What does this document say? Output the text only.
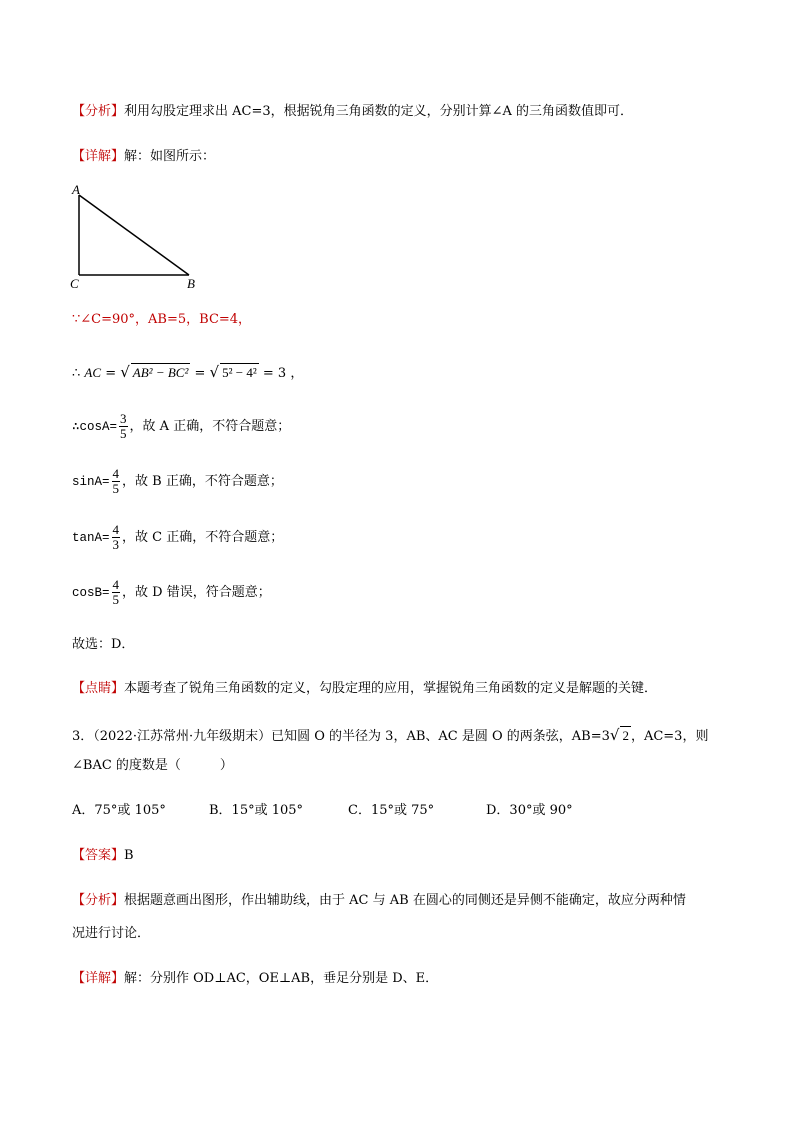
【分析】利用勾股定理求出 AC=3，根据锐角三角函数的定义，分别计算∠A 的三角函数值即可．
【详解】解：如图所示：
A
C	B
∵∠C=90°，AB=5，BC=4，
∴ AC = √ AB² − BC² = √ 5² − 4² = 3 ，
∴cosA= $\frac{3}{5}$ ，故 A 正确，不符合题意；
$\sin A= \frac{4}{5}$ ，故 B 正确，不符合题意；
$\tan A= \frac{4}{3}$ ，故 C 正确，不符合题意；
$\cos B= \frac{4}{5}$ ，故 D 错误，符合题意；
故选：D．
【点睛】本题考查了锐角三角函数的定义，勾股定理的应用，掌握锐角三角函数的定义是解题的关键．
3．（2022·江苏常州·九年级期末）已知圆 O 的半径为 3，AB、AC 是圆 O 的两条弦，AB=3√ 2 ，AC=3，则
∠BAC 的度数是（　　　）
A．75°或 105°	B．15°或 105°	C．15°或 75°	D．30°或 90°
【答案】B
【分析】根据题意画出图形，作出辅助线，由于 AC 与 AB 在圆心的同侧还是异侧不能确定，故应分两种情
况进行讨论．
【详解】解：分别作 OD⊥AC，OE⊥AB，垂足分别是 D、E．
